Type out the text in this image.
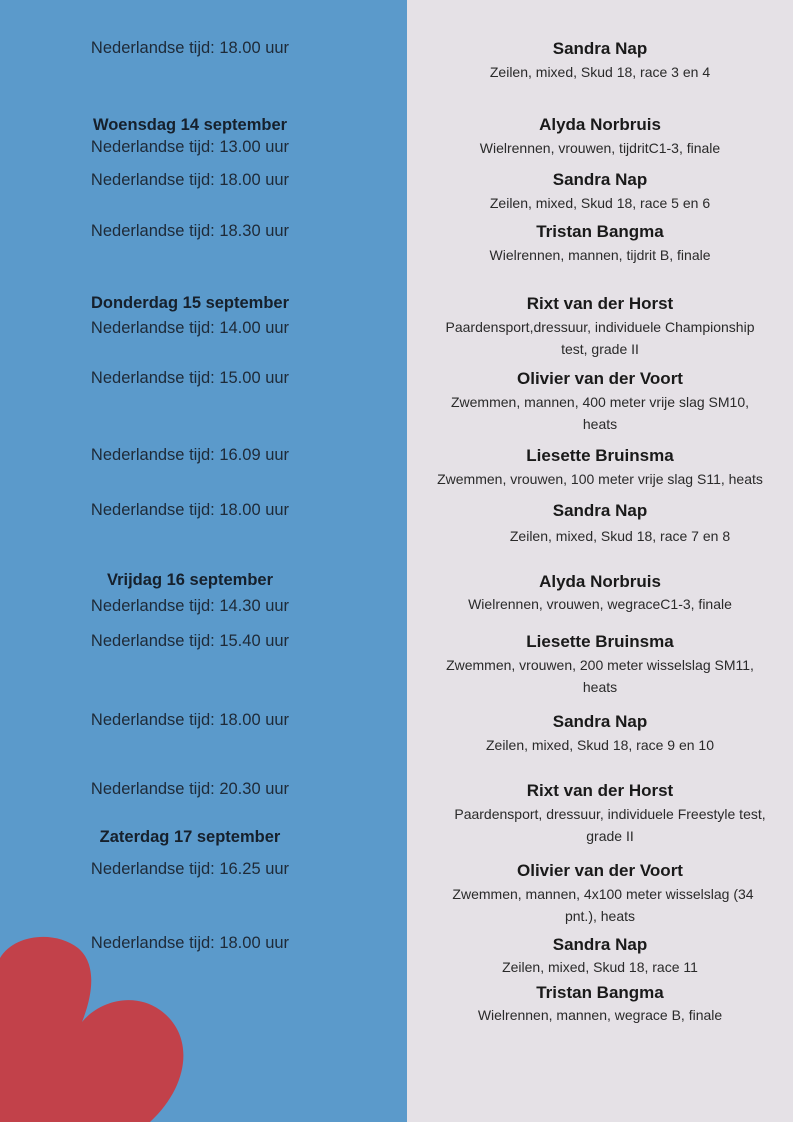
Nederlandse tijd: 18.00 uur
Woensdag 14 september
Nederlandse tijd: 13.00 uur
Nederlandse tijd: 18.00 uur
Nederlandse tijd: 18.30 uur
Donderdag 15 september
Nederlandse tijd: 14.00 uur
Nederlandse tijd: 15.00 uur
Nederlandse tijd: 16.09 uur
Nederlandse tijd: 18.00 uur
Vrijdag 16 september
Nederlandse tijd: 14.30 uur
Nederlandse tijd: 15.40 uur
Nederlandse tijd: 18.00 uur
Nederlandse tijd: 20.30 uur
Zaterdag 17 september
Nederlandse tijd: 16.25 uur
Nederlandse tijd: 18.00 uur
Sandra Nap
Zeilen, mixed, Skud 18, race 3 en 4
Alyda Norbruis
Wielrennen, vrouwen, tijdritC1-3, finale
Sandra Nap
Zeilen, mixed, Skud 18, race 5 en 6
Tristan Bangma
Wielrennen, mannen, tijdrit B, finale
Rixt van der Horst
Paardensport,dressuur, individuele Championship
test, grade II
Olivier van der Voort
Zwemmen, mannen, 400 meter vrije slag SM10,
heats
Liesette Bruinsma
Zwemmen, vrouwen, 100 meter vrije slag S11, heats
Sandra Nap
Zeilen, mixed, Skud 18, race 7 en 8
Alyda Norbruis
Wielrennen, vrouwen, wegraceC1-3, finale
Liesette Bruinsma
Zwemmen, vrouwen, 200 meter wisselslag SM11,
heats
Sandra Nap
Zeilen, mixed, Skud 18, race 9 en 10
Rixt van der Horst
Paardensport, dressuur, individuele Freestyle test,
grade II
Olivier van der Voort
Zwemmen, mannen, 4x100 meter wisselslag (34
pnt.), heats
Sandra Nap
Zeilen, mixed, Skud 18, race 11
Tristan Bangma
Wielrennen, mannen, wegrace B, finale
